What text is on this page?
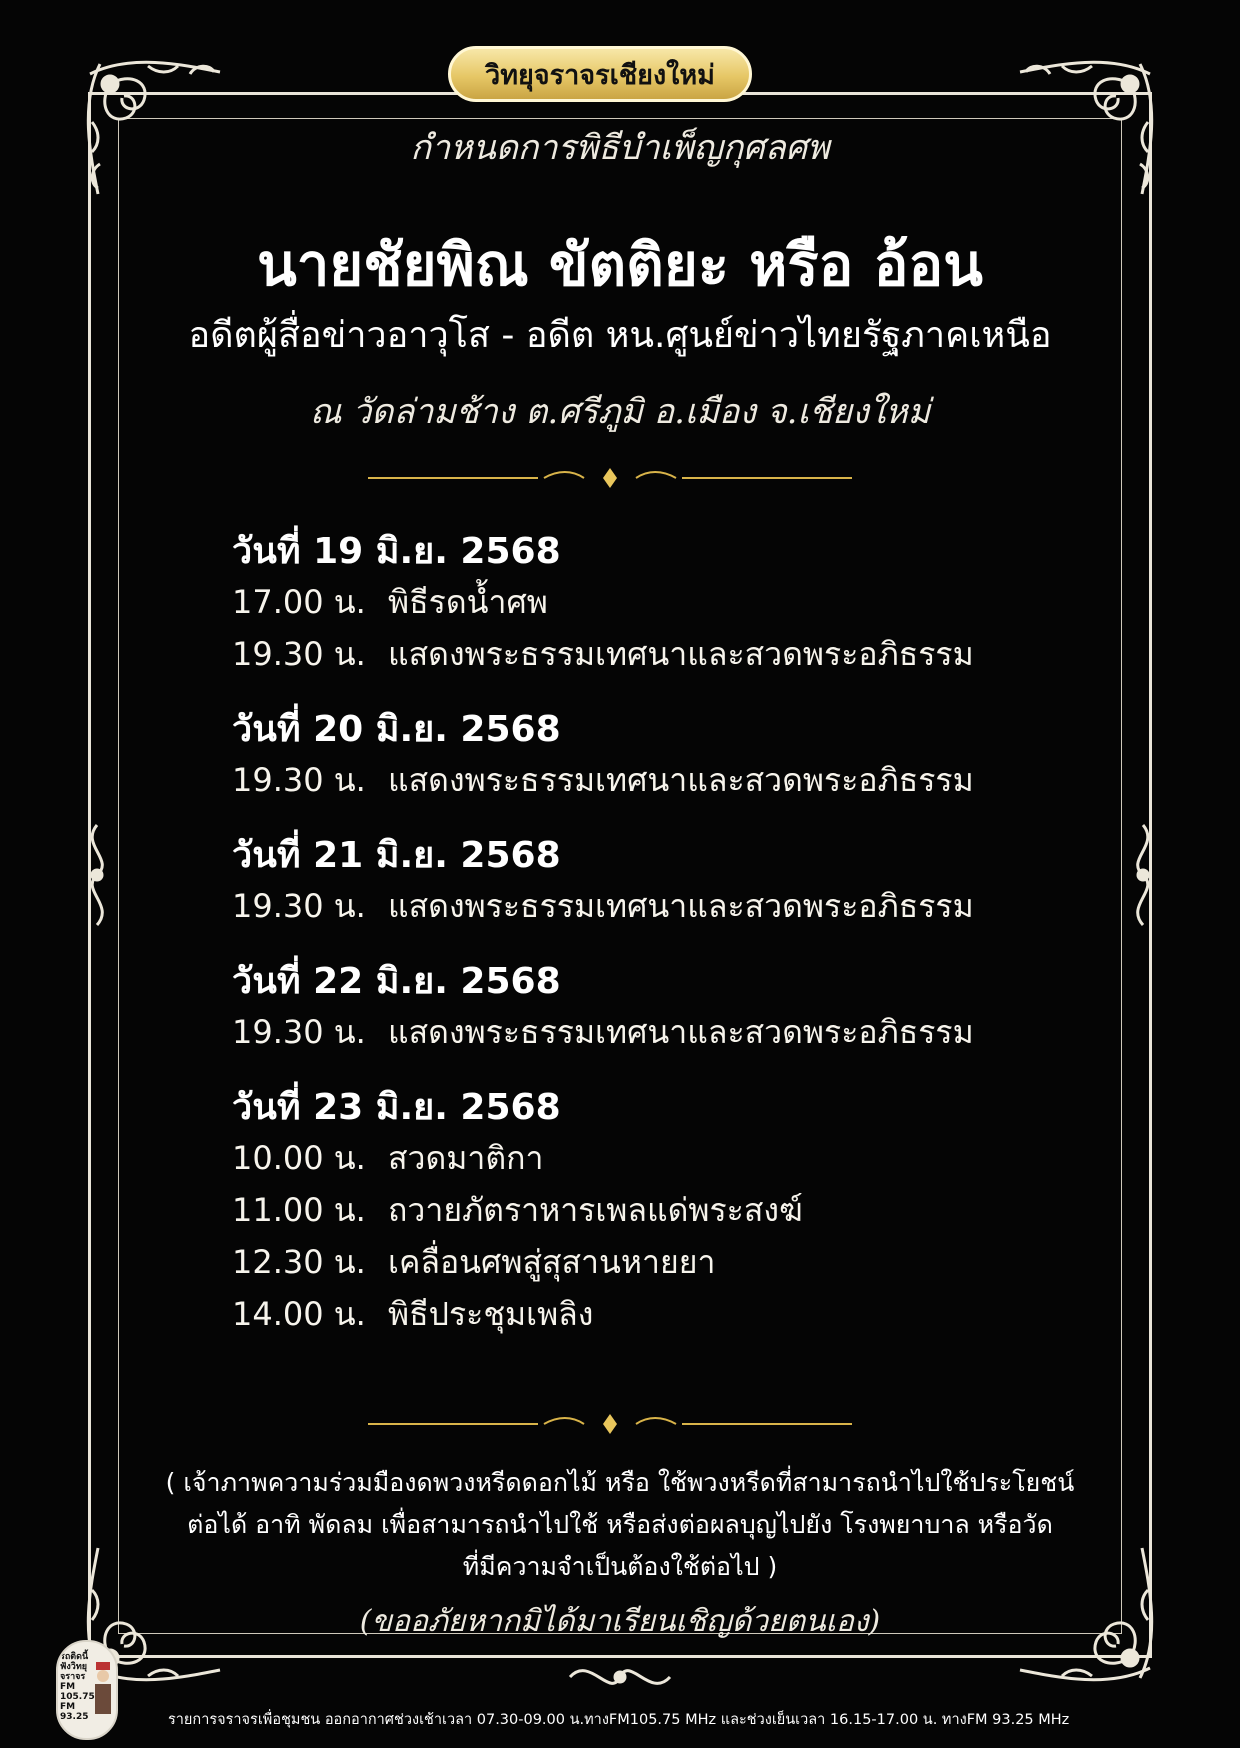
วิทยุจราจรเชียงใหม่
กำหนดการพิธีบำเพ็ญกุศลศพ
นายชัยพิณ ขัตติยะ หรือ อ้อน
อดีตผู้สื่อข่าวอาวุโส - อดีต หน.ศูนย์ข่าวไทยรัฐภาคเหนือ
ณ วัดล่ามช้าง ต.ศรีภูมิ อ.เมือง จ.เชียงใหม่
วันที่ 19 มิ.ย. 2568
17.00 น. พิธีรดน้ำศพ
19.30 น. แสดงพระธรรมเทศนาและสวดพระอภิธรรม
วันที่ 20 มิ.ย. 2568
19.30 น. แสดงพระธรรมเทศนาและสวดพระอภิธรรม
วันที่ 21 มิ.ย. 2568
19.30 น. แสดงพระธรรมเทศนาและสวดพระอภิธรรม
วันที่ 22 มิ.ย. 2568
19.30 น. แสดงพระธรรมเทศนาและสวดพระอภิธรรม
วันที่ 23 มิ.ย. 2568
10.00 น. สวดมาติกา
11.00 น. ถวายภัตราหารเพลแด่พระสงฆ์
12.30 น. เคลื่อนศพสู่สุสานหายยา
14.00 น. พิธีประชุมเพลิง
( เจ้าภาพความร่วมมืองดพวงหรีดดอกไม้ หรือ ใช้พวงหรีดที่สามารถนำไปใช้ประโยชน์
ต่อได้ อาทิ พัดลม เพื่อสามารถนำไปใช้ หรือส่งต่อผลบุญไปยัง โรงพยาบาล หรือวัด
ที่มีความจำเป็นต้องใช้ต่อไป )
(ขออภัยหากมิได้มาเรียนเชิญด้วยตนเอง)
รถติดนี้ ฟังวิทยุ จราจร FM 105.75 FM 93.25	รายการจราจรเพื่อชุมชน ออกอากาศช่วงเช้าเวลา 07.30-09.00 น.ทางFM105.75 MHz และช่วงเย็นเวลา 16.15-17.00 น. ทางFM 93.25 MHz
